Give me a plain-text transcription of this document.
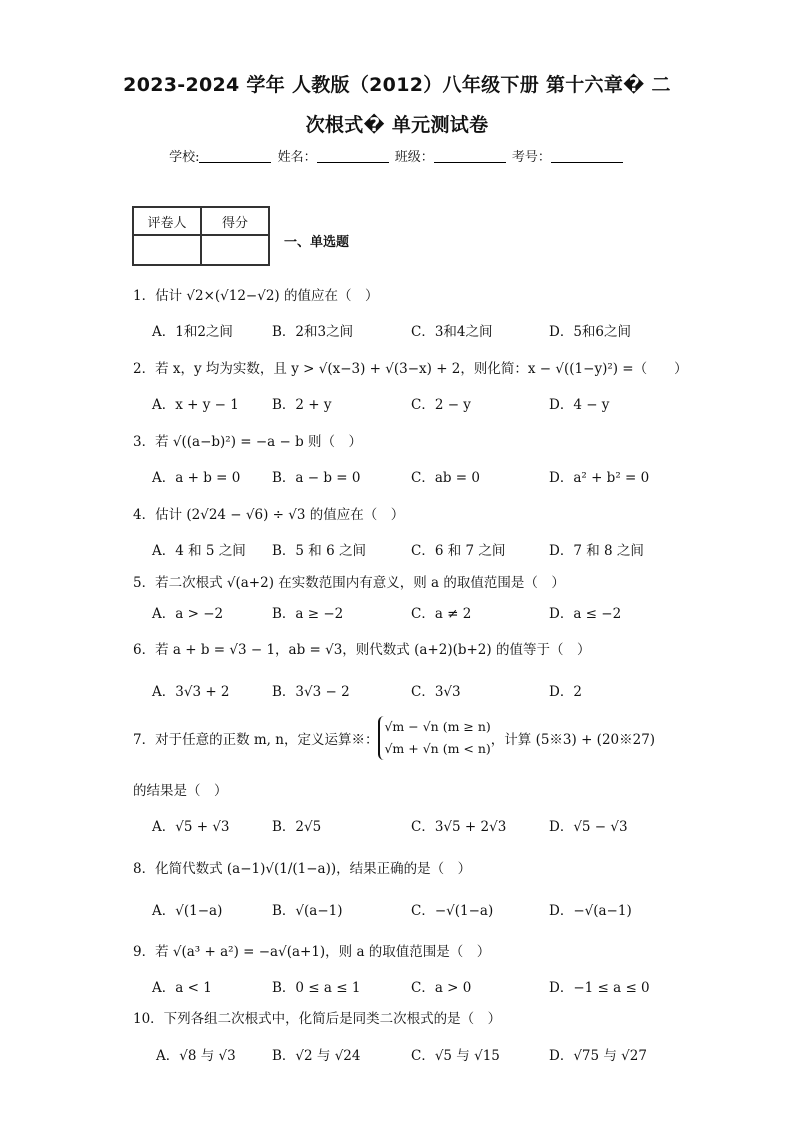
2023-2024 学年 人教版（2012）八年级下册 第十六章� 二
次根式� 单元测试卷
学校:	姓名：	班级：	考号：
评卷人	得分

一、单选题
1．估计 √2×(√12−√2) 的值应在（　）
A．1和2之间	B．2和3之间	C．3和4之间	D．5和6之间
2．若 x，y 均为实数，且 y > √(x−3) + √(3−x) + 2，则化简：x − √((1−y)²) =（　　）
A．x + y − 1 B．2 + y	C．2 − y	D．4 − y
3．若 √((a−b)²) = −a − b 则（　）
A．a + b = 0 B．a − b = 0	C．ab = 0	D．a² + b² = 0
4．估计 (2√24 − √6) ÷ √3 的值应在（　）
A．4 和 5 之间 B．5 和 6 之间	C．6 和 7 之间	D．7 和 8 之间
5．若二次根式 √(a+2) 在实数范围内有意义，则 a 的取值范围是（　）
A．a > −2	B．a ≥ −2	C．a ≠ 2	D．a ≤ −2
6．若 a + b = √3 − 1，ab = √3，则代数式 (a+2)(b+2) 的值等于（　）
A．3√3 + 2	B．3√3 − 2	C．3√3	D．2
7．对于任意的正数 m, n，定义运算※：
√m − √n (m ≥ n)
√m + √n (m < n)
，计算 (5※3) + (20※27)
的结果是（　）
A．√5 + √3	B．2√5	C．3√5 + 2√3	D．√5 − √3
8．化简代数式 (a−1)√(1/(1−a))，结果正确的是（　）
A．√(1−a)	B．√(a−1)	C．−√(1−a)	D．−√(a−1)
9．若 √(a³ + a²) = −a√(a+1)，则 a 的取值范围是（　）
A．a < 1	B．0 ≤ a ≤ 1	C．a > 0	D．−1 ≤ a ≤ 0
10．下列各组二次根式中，化简后是同类二次根式的是（　）
A．√8 与 √3	B．√2 与 √24	C．√5 与 √15	D．√75 与 √27
